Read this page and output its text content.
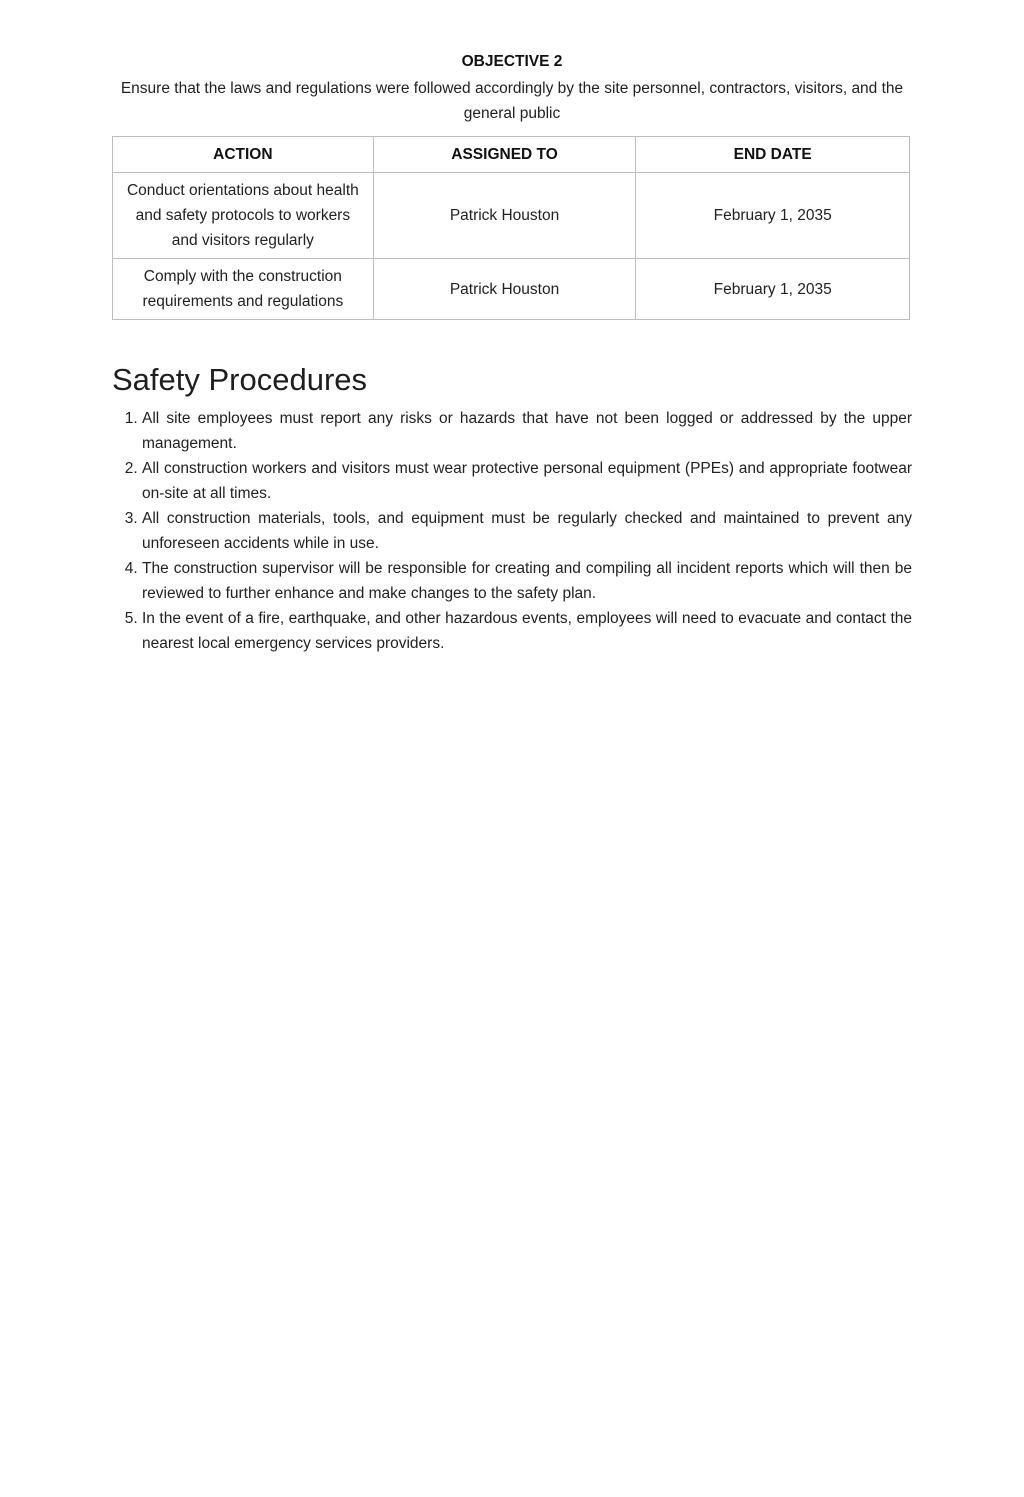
OBJECTIVE 2
Ensure that the laws and regulations were followed accordingly by the site personnel, contractors, visitors, and the general public
ACTION	ASSIGNED TO	END DATE
Conduct orientations about health and safety protocols to workers and visitors regularly	Patrick Houston	February 1, 2035
Comply with the construction requirements and regulations	Patrick Houston	February 1, 2035
Safety Procedures
1. All site employees must report any risks or hazards that have not been logged or addressed by the upper management.
2. All construction workers and visitors must wear protective personal equipment (PPEs) and appropriate footwear on-site at all times.
3. All construction materials, tools, and equipment must be regularly checked and maintained to prevent any unforeseen accidents while in use.
4. The construction supervisor will be responsible for creating and compiling all incident reports which will then be reviewed to further enhance and make changes to the safety plan.
5. In the event of a fire, earthquake, and other hazardous events, employees will need to evacuate and contact the nearest local emergency services providers.
